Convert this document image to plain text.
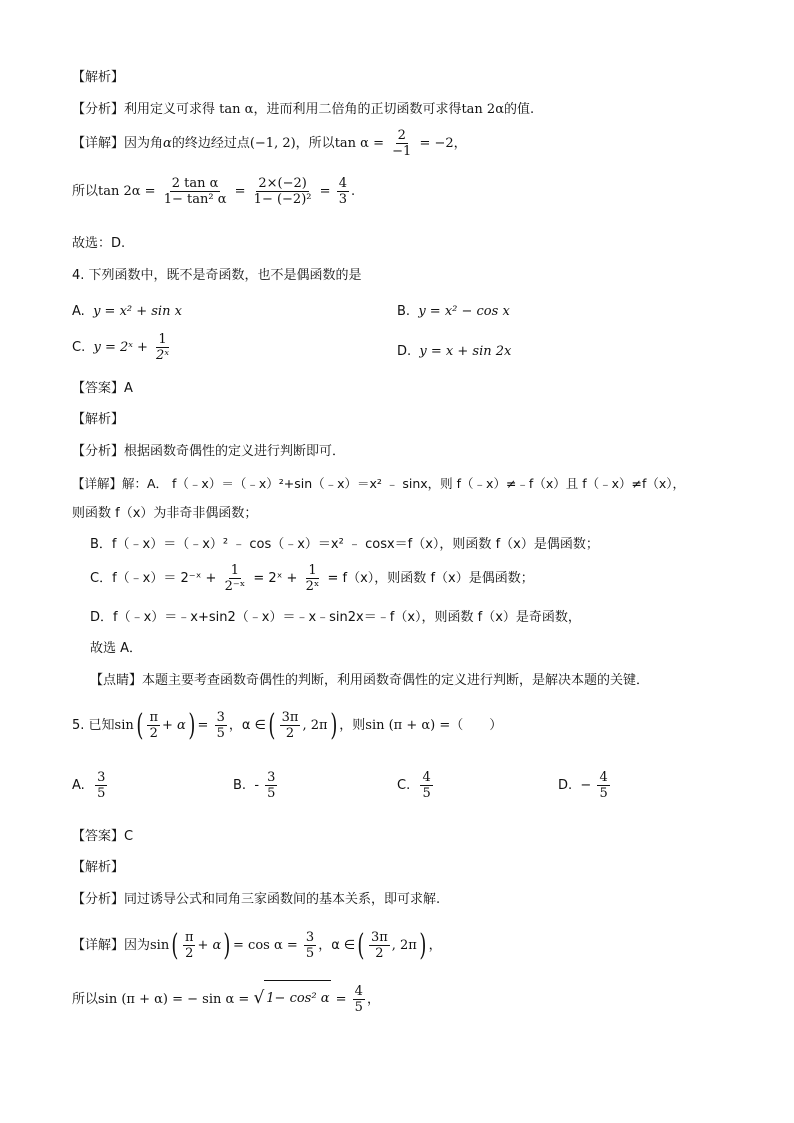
【解析】
【分析】利用定义可求得 tan α，进而利用二倍角的正切函数可求得tan 2α的值.
【详解】因为角α的终边经过点(−1, 2)，所以$\tan \alpha = \frac{2}{-1} = -2$，
所以$\tan 2\alpha = \frac{\text{2 tan α}}{\text{1− tan² α}} = \frac{2\times(-2)}{\text{1− (−2)²}} = \frac{4}{3}$ .
故选：D.
4. 下列函数中，既不是奇函数，也不是偶函数的是
A. y = x² + sin x	B. y = x² − cos x
C. y = 2ˣ + $\frac{1}{\text{2ˣ}}$	D. y = x + sin 2x
【答案】A
【解析】
【分析】根据函数奇偶性的定义进行判断即可．
【详解】解：A． f（﹣x）＝（﹣x）²+sin（﹣x）＝x² ﹣ sinx，则 f（﹣x）≠﹣f（x）且 f（﹣x）≠f（x），
则函数 f（x）为非奇非偶函数；
B．f（﹣x）＝（﹣x）² ﹣ cos（﹣x）＝x² ﹣ cosx＝f（x），则函数 f（x）是偶函数；
C．f（﹣x）＝ 2⁻ˣ + $\frac{1}{\text{2⁻ˣ}}$ = 2ˣ + $\frac{1}{\text{2ˣ}} = f(x)$，则函数 f（x）是偶函数；
D．f（﹣x）＝﹣x+sin2（﹣x）＝﹣x﹣sin2x＝﹣f（x），则函数 f（x）是奇函数，
故选 A．
【点睛】本题主要考查函数奇偶性的判断，利用函数奇偶性的定义进行判断，是解决本题的关键．
5. 已知$\sin( \frac{\pi}{2} + \alpha) = \frac{3}{5}$ ，α ∈( $\frac{3\pi}{2}$ , 2π) ，则sin (π + α) =（　　）
A. $\frac{3}{5}$	B. - $\frac{3}{5}$	C. $\frac{4}{5}$	D. − $\frac{4}{5}$
【答案】C
【解析】
【分析】同过诱导公式和同角三家函数间的基本关系，即可求解.
【详解】因为$\sin( \frac{\pi}{2} + \alpha) = \cos \alpha = \frac{3}{5}$ ，α ∈( $\frac{3\pi}{2}$ , 2π) ，
所以sin (π + α) = − sin α = √ 1− cos² $\alpha = \frac{4}{5}$ ，
